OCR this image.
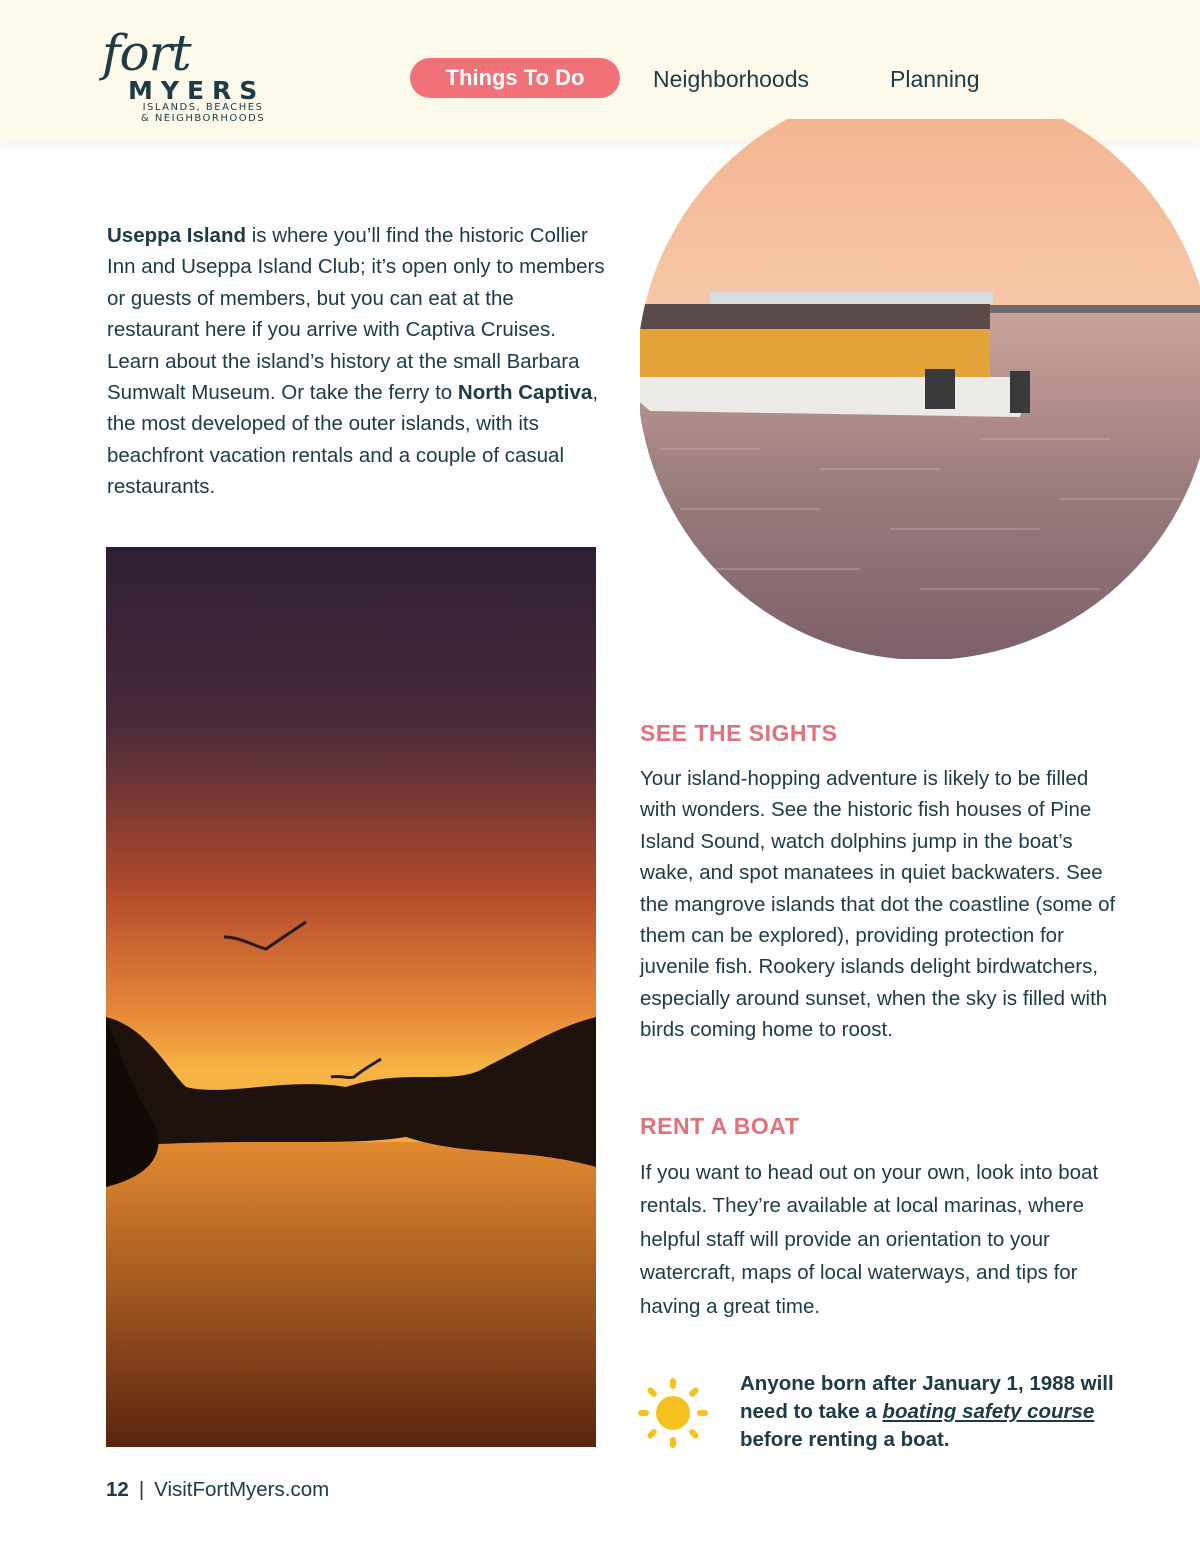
fort
MYERS
ISLANDS, BEACHES
& NEIGHBORHOODS
Things To Do	Neighborhoods	Planning
Useppa Island is where you’ll find the historic Collier Inn and Useppa Island Club; it’s open only to members or guests of members, but you can eat at the restaurant here if you arrive with Captiva Cruises. Learn about the island’s history at the small Barbara Sumwalt Museum. Or take the ferry to North Captiva, the most developed of the outer islands, with its beachfront vacation rentals and a couple of casual restaurants.
SEE THE SIGHTS
Your island-hopping adventure is likely to be filled with wonders. See the historic fish houses of Pine Island Sound, watch dolphins jump in the boat’s wake, and spot manatees in quiet backwaters. See the mangrove islands that dot the coastline (some of them can be explored), providing protection for juvenile fish. Rookery islands delight birdwatchers, especially around sunset, when the sky is filled with birds coming home to roost.
RENT A BOAT
If you want to head out on your own, look into boat rentals. They’re available at local marinas, where helpful staff will provide an orientation to your watercraft, maps of local waterways, and tips for having a great time.
Anyone born after January 1, 1988 will need to take a boating safety course before renting a boat.
12 | VisitFortMyers.com
